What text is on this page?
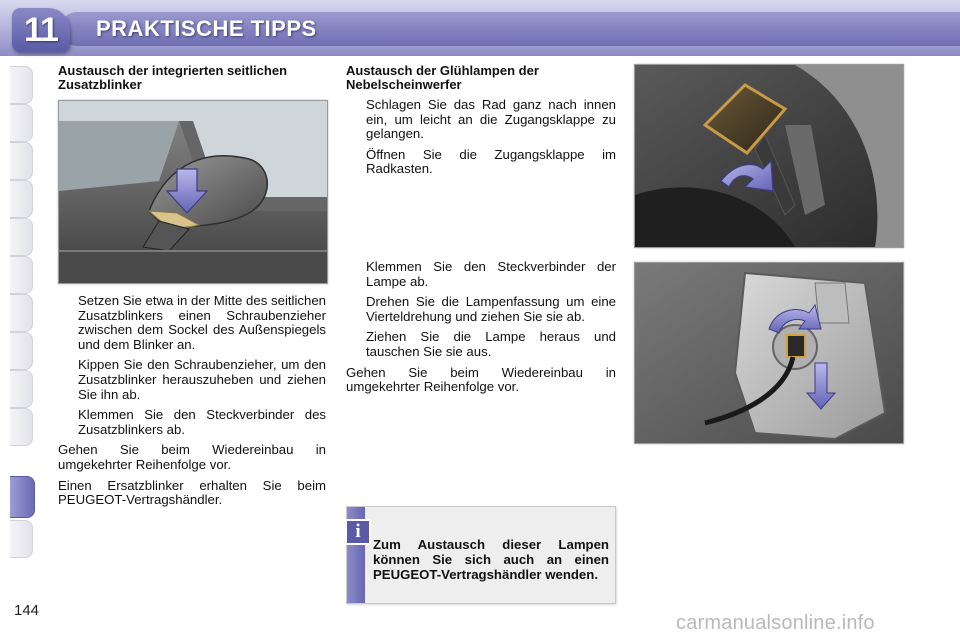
11	PRAKTISCHE TIPPS
Austausch der integrierten seitlichen Zusatzblinker
Setzen Sie etwa in der Mitte des seitlichen Zusatzblinkers einen Schraubenzieher zwischen dem Sockel des Außenspiegels und dem Blinker an.
Kippen Sie den Schraubenzieher, um den Zusatzblinker herauszuheben und ziehen Sie ihn ab.
Klemmen Sie den Steckverbinder des Zusatzblinkers ab.

Gehen Sie beim Wiedereinbau in umgekehrter Reihenfolge vor.

Einen Ersatzblinker erhalten Sie beim PEUGEOT-Vertragshändler.

Austausch der Glühlampen der Nebelscheinwerfer
Schlagen Sie das Rad ganz nach innen ein, um leicht an die Zugangsklappe zu gelangen.
Öffnen Sie die Zugangsklappe im Radkasten.
Klemmen Sie den Steckverbinder der Lampe ab.
Drehen Sie die Lampenfassung um eine Vierteldrehung und ziehen Sie sie ab.
Ziehen Sie die Lampe heraus und tauschen Sie sie aus.

Gehen Sie beim Wiedereinbau in umgekehrter Reihenfolge vor.

i
Zum Austausch dieser Lampen können Sie sich auch an einen PEUGEOT-Vertragshändler wenden.
144
carmanualsonline.info
